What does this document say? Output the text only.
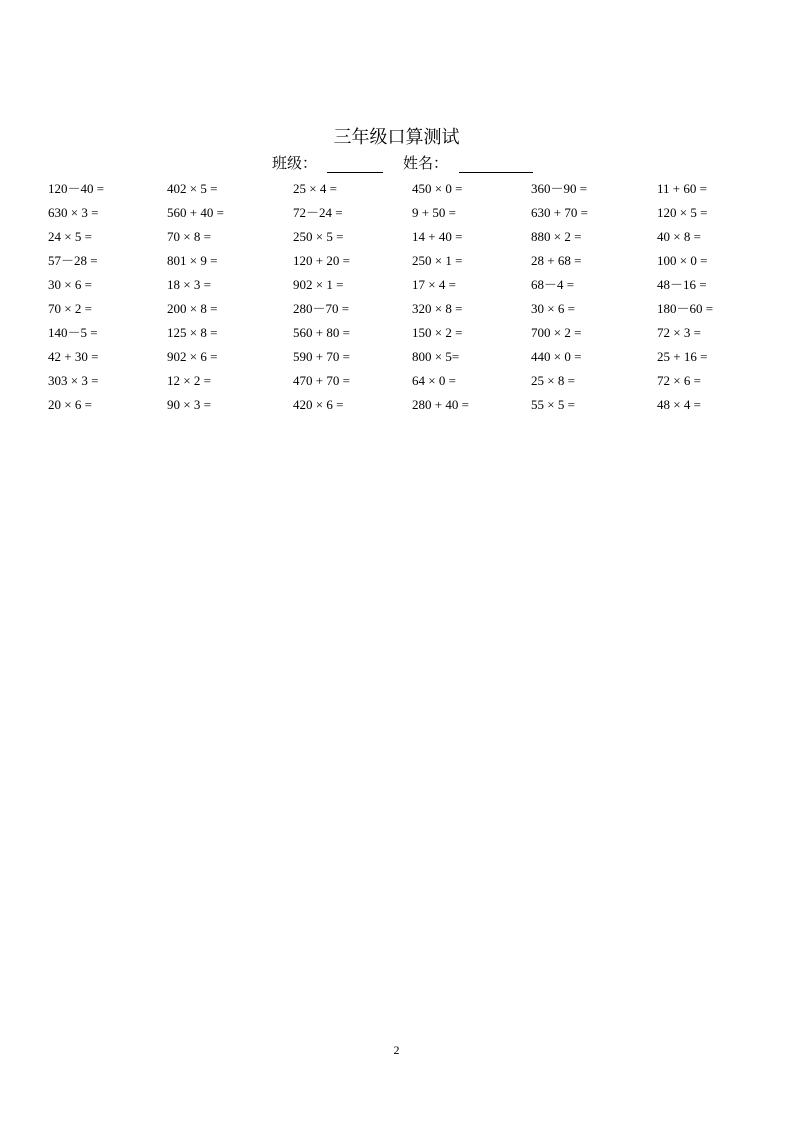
三年级口算测试
班级：	姓名：
120－40 =	402 × 5 =	25 × 4 =	450 × 0 =	360－90 =	11 + 60 =
630 × 3 =	560 + 40 =	72－24 =	9 + 50 =	630 + 70 =	120 × 5 =
24 × 5 =	70 × 8 =	250 × 5 =	14 + 40 =	880 × 2 =	40 × 8 =
57－28 =	801 × 9 =	120 + 20 =	250 × 1 =	28 + 68 =	100 × 0 =
30 × 6 =	18 × 3 =	902 × 1 =	17 × 4 =	68－4 =	48－16 =
70 × 2 =	200 × 8 =	280－70 =	320 × 8 =	30 × 6 =	180－60 =
140－5 =	125 × 8 =	560 + 80 =	150 × 2 =	700 × 2 =	72 × 3 =
42 + 30 =	902 × 6 =	590 + 70 =	800 × 5=	440 × 0 =	25 + 16 =
303 × 3 =	12 × 2 =	470 + 70 =	64 × 0 =	25 × 8 =	72 × 6 =
20 × 6 =	90 × 3 =	420 × 6 =	280 + 40 =	55 × 5 =	48 × 4 =
2
